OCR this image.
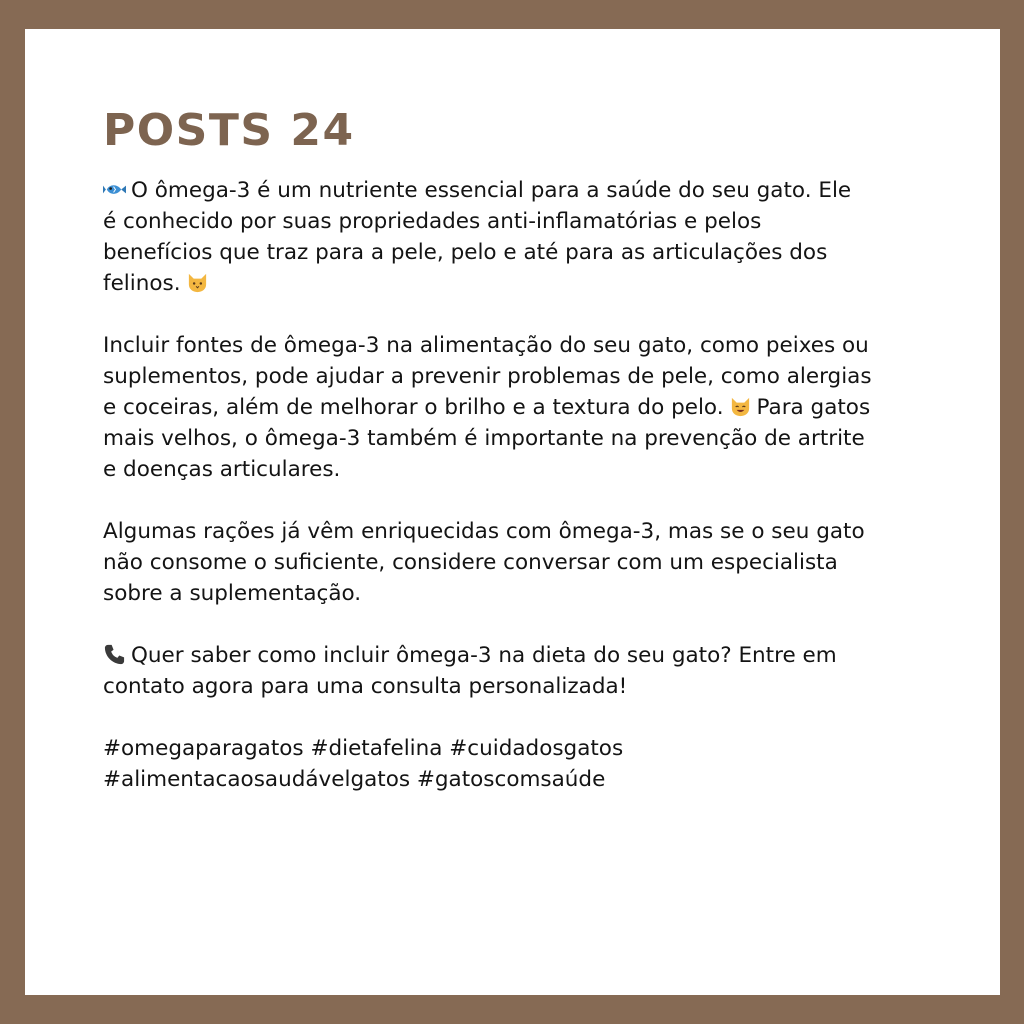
POSTS 24

O ômega-3 é um nutriente essencial para a saúde do seu gato. Ele
é conhecido por suas propriedades anti-inflamatórias e pelos
benefícios que traz para a pele, pelo e até para as articulações dos
felinos.

Incluir fontes de ômega-3 na alimentação do seu gato, como peixes ou
suplementos, pode ajudar a prevenir problemas de pele, como alergias
e coceiras, além de melhorar o brilho e a textura do pelo. Para gatos
mais velhos, o ômega-3 também é importante na prevenção de artrite
e doenças articulares.

Algumas rações já vêm enriquecidas com ômega-3, mas se o seu gato
não consome o suficiente, considere conversar com um especialista
sobre a suplementação.

Quer saber como incluir ômega-3 na dieta do seu gato? Entre em
contato agora para uma consulta personalizada!

#omegaparagatos #dietafelina #cuidadosgatos
#alimentacaosaudávelgatos #gatoscomsaúde
